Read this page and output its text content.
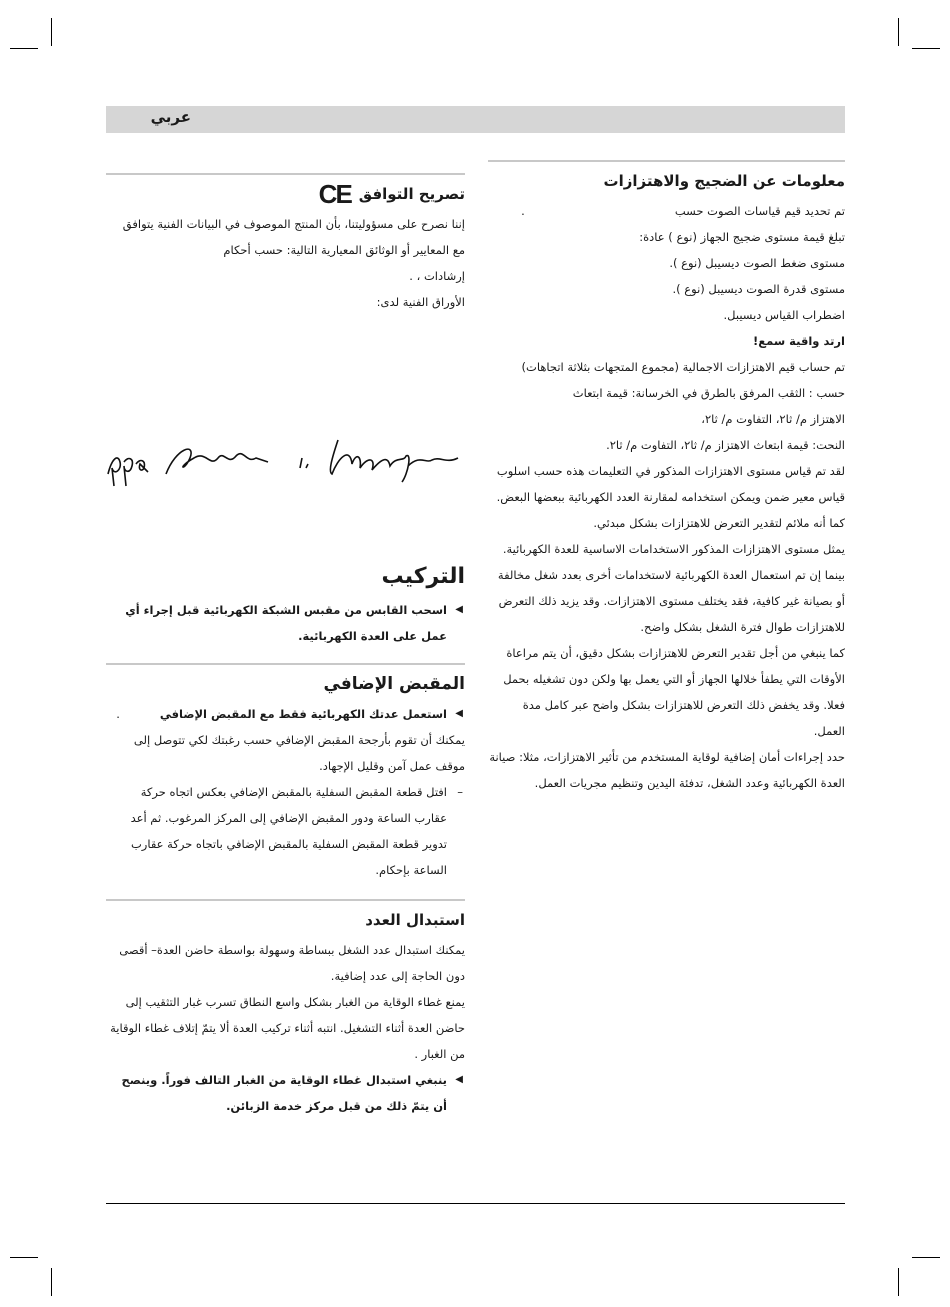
عربي
معلومات عن الضجيج والاهتزازات

تم تحديد قيم قياسات الصوت حسب.

تبلغ قيمة مستوى ضجيج الجهاز (نوع ) عادة:

مستوى ضغط الصوت ديسيبل (نوع ).

مستوى قدرة الصوت ديسيبل (نوع ).

اضطراب القياس ديسيبل.

ارتد واقية سمع!

تم حساب قيم الاهتزازات الاجمالية (مجموع المتجهات بثلاثة اتجاهات)

حسب : الثقب المرفق بالطرق في الخرسانة: قيمة ابتعاث

الاهتزاز م/ ثا٢، التفاوت م/ ثا٢،

النحت: قيمة ابتعاث الاهتزاز م/ ثا٢، التفاوت م/ ثا٢.

لقد تم قياس مستوى الاهتزازات المذكور في التعليمات هذه حسب اسلوب قياس معير ضمن ويمكن استخدامه لمقارنة العدد الكهربائية ببعضها البعض. كما أنه ملائم لتقدير التعرض للاهتزازات بشكل مبدئي.

يمثل مستوى الاهتزازات المذكور الاستخدامات الاساسية للعدة الكهربائية. بينما إن تم استعمال العدة الكهربائية لاستخدامات أخرى بعدد شغل مخالفة أو بصيانة غير كافية، فقد يختلف مستوى الاهتزازات. وقد يزيد ذلك التعرض للاهتزازات طوال فترة الشغل بشكل واضح.

كما ينبغي من أجل تقدير التعرض للاهتزازات بشكل دقيق، أن يتم مراعاة الأوقات التي يطفأ خلالها الجهاز أو التي يعمل بها ولكن دون تشغيله بحمل فعلا. وقد يخفض ذلك التعرض للاهتزازات بشكل واضح عبر كامل مدة العمل.

حدد إجراءات أمان إضافية لوقاية المستخدم من تأثير الاهتزازات، مثلا: صيانة العدة الكهربائية وعدد الشغل، تدفئة اليدين وتنظيم مجريات العمل.

تصريح التوافق
CE

إننا نصرح على مسؤوليتنا، بأن المنتج الموصوف في البيانات الفنية يتوافق

مع المعايير أو الوثائق المعيارية التالية: حسب أحكام

إرشادات ، .

الأوراق الفنية لدى:

التركيب

◀
اسحب القابس من مقبس الشبكة الكهربائية قبل إجراء أي عمل على العدة الكهربائية.

المقبض الإضافي

◀
استعمل عدتك الكهربائية فقط مع المقبض الإضافي.

يمكنك أن تقوم بأرجحة المقبض الإضافي حسب رغبتك لكي تتوصل إلى موقف عمل آمن وقليل الإجهاد.

–
افتل قطعة المقبض السفلية بالمقبض الإضافي بعكس اتجاه حركة عقارب الساعة ودور المقبض الإضافي إلى المركز المرغوب. ثم أعد تدوير قطعة المقبض السفلية بالمقبض الإضافي باتجاه حركة عقارب الساعة بإحكام.

استبدال العدد

يمكنك استبدال عدد الشغل ببساطة وسهولة بواسطة حاضن العدة– أقصى دون الحاجة إلى عدد إضافية.

يمنع غطاء الوقاية من الغبار بشكل واسع النطاق تسرب غبار التثقيب إلى حاضن العدة أثناء التشغيل. انتبه أثناء تركيب العدة ألا يتمّ إتلاف غطاء الوقاية من الغبار .

◀
ينبغي استبدال غطاء الوقاية من الغبار التالف فوراً. وينصح أن يتمّ ذلك من قبل مركز خدمة الزبائن.
